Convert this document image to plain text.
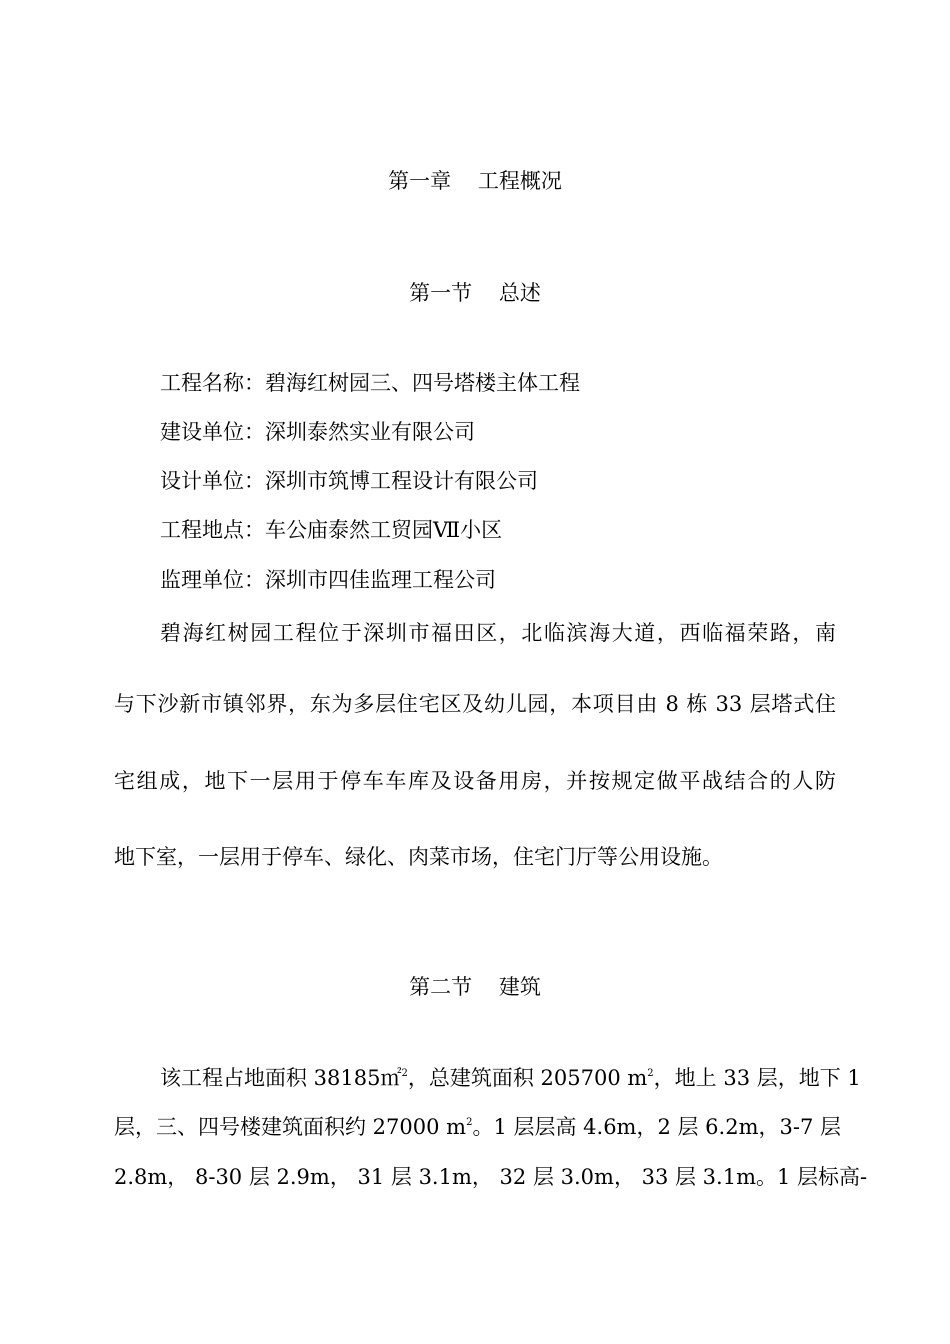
第一章    工程概况
第一节    总述
工程名称：碧海红树园三、四号塔楼主体工程
建设单位：深圳泰然实业有限公司
设计单位：深圳市筑博工程设计有限公司
工程地点：车公庙泰然工贸园Ⅶ小区
监理单位：深圳市四佳监理工程公司
碧海红树园工程位于深圳市福田区，北临滨海大道，西临福荣路，南
与下沙新市镇邻界，东为多层住宅区及幼儿园，本项目由 8 栋 33 层塔式住
宅组成，地下一层用于停车车库及设备用房，并按规定做平战结合的人防
地下室，一层用于停车、绿化、肉菜市场，住宅门厅等公用设施。
第二节    建筑
该工程占地面积 38185㎡$^2$，总建筑面积 205700 $m^2$，地上 33 层，地下 1
层，三、四号楼建筑面积约 27000 $m^2$。1 层层高 4.6m，2 层 6.2m，3-7 层
2.8m， 8-30 层 2.9m， 31 层 3.1m， 32 层 3.0m， 33 层 3.1m。1 层标高-
